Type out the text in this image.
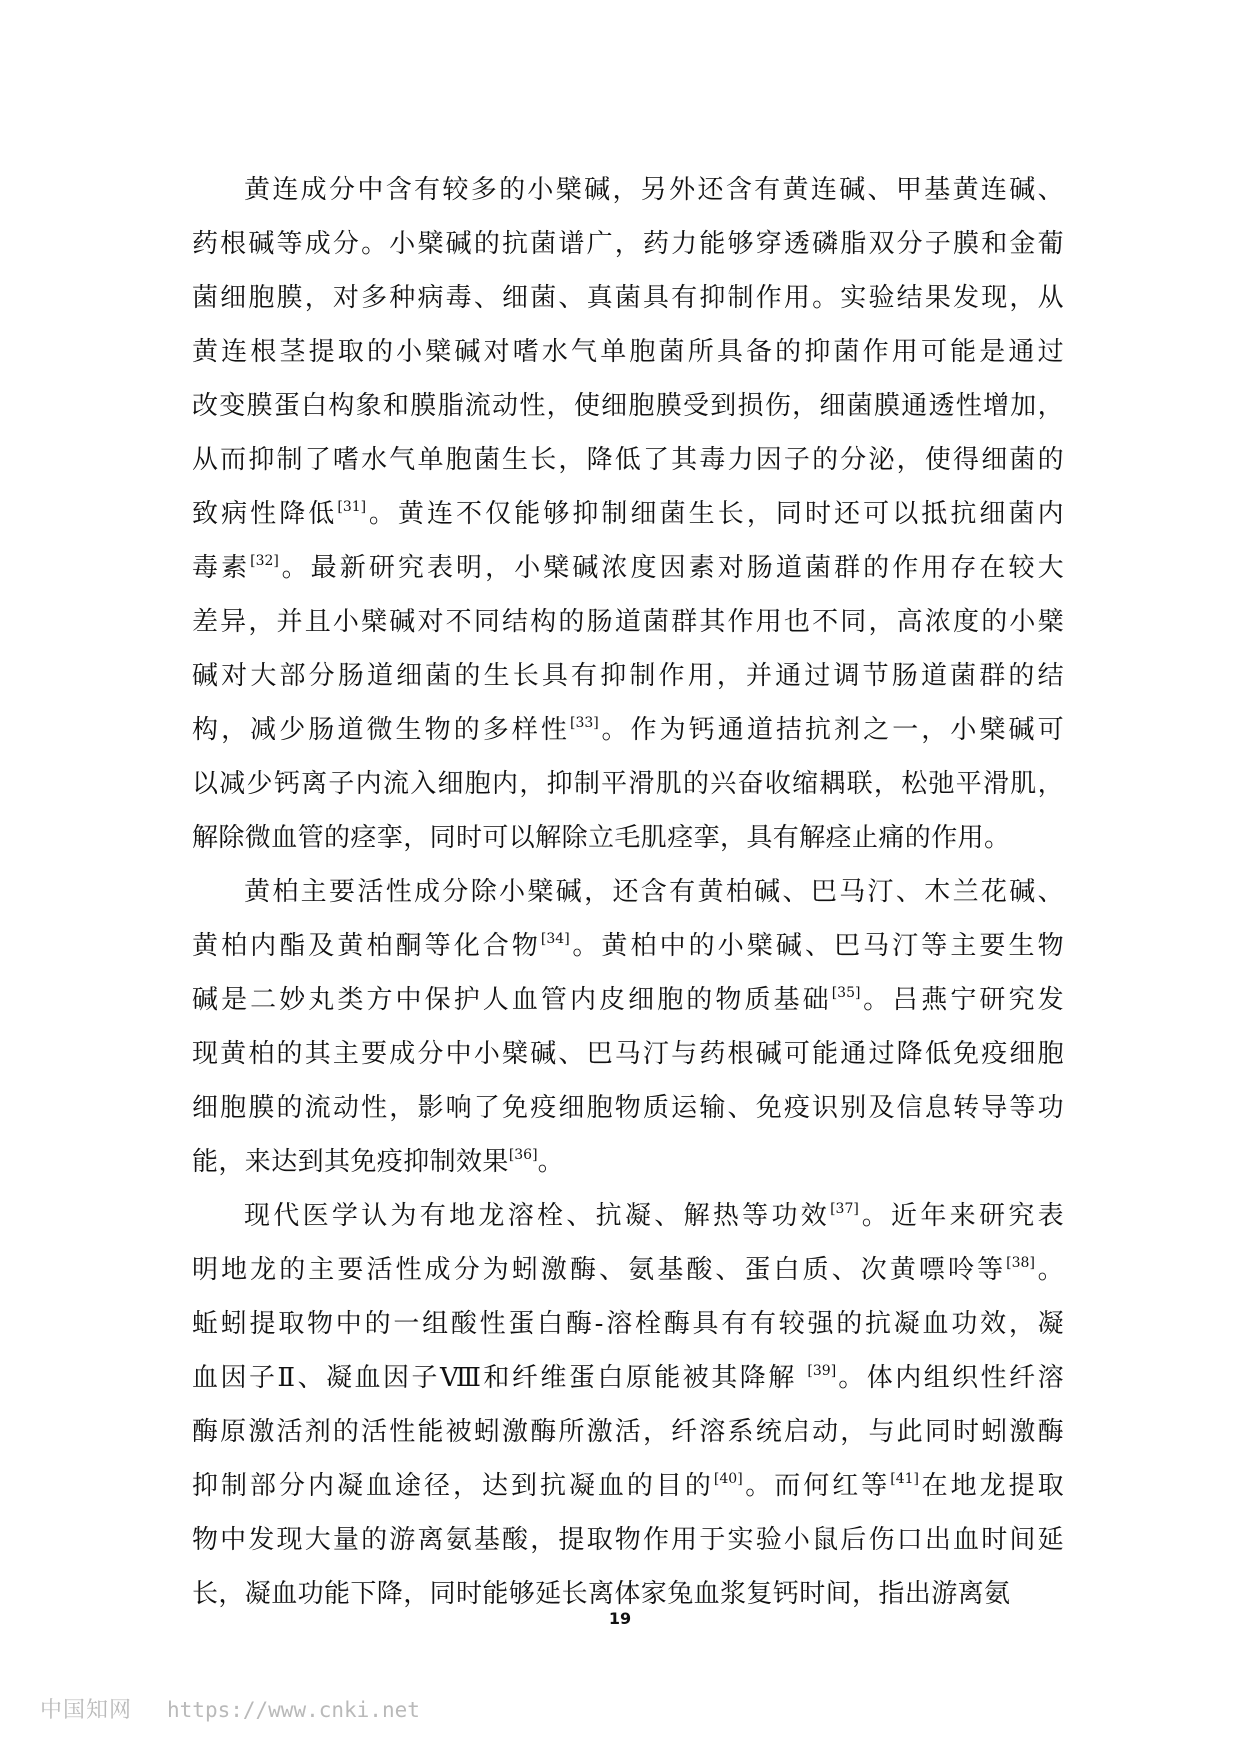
黄连成分中含有较多的小檗碱，另外还含有黄连碱、甲基黄连碱、
药根碱等成分。小檗碱的抗菌谱广，药力能够穿透磷脂双分子膜和金葡
菌细胞膜，对多种病毒、细菌、真菌具有抑制作用。实验结果发现，从
黄连根茎提取的小檗碱对嗜水气单胞菌所具备的抑菌作用可能是通过
改变膜蛋白构象和膜脂流动性，使细胞膜受到损伤，细菌膜通透性增加，
从而抑制了嗜水气单胞菌生长，降低了其毒力因子的分泌，使得细菌的
致病性降低[31]。黄连不仅能够抑制细菌生长，同时还可以抵抗细菌内
毒素[32]。最新研究表明，小檗碱浓度因素对肠道菌群的作用存在较大
差异，并且小檗碱对不同结构的肠道菌群其作用也不同，高浓度的小檗
碱对大部分肠道细菌的生长具有抑制作用，并通过调节肠道菌群的结
构，减少肠道微生物的多样性[33]。作为钙通道拮抗剂之一，小檗碱可
以减少钙离子内流入细胞内，抑制平滑肌的兴奋收缩耦联，松弛平滑肌，
解除微血管的痉挛，同时可以解除立毛肌痉挛，具有解痉止痛的作用。
黄柏主要活性成分除小檗碱，还含有黄柏碱、巴马汀、木兰花碱、
黄柏内酯及黄柏酮等化合物[34]。黄柏中的小檗碱、巴马汀等主要生物
碱是二妙丸类方中保护人血管内皮细胞的物质基础[35]。吕燕宁研究发
现黄柏的其主要成分中小檗碱、巴马汀与药根碱可能通过降低免疫细胞
细胞膜的流动性，影响了免疫细胞物质运输、免疫识别及信息转导等功
能，来达到其免疫抑制效果[36]。
现代医学认为有地龙溶栓、抗凝、解热等功效[37]。近年来研究表
明地龙的主要活性成分为蚓激酶、氨基酸、蛋白质、次黄嘌呤等[38]。
蚯蚓提取物中的一组酸性蛋白酶-溶栓酶具有有较强的抗凝血功效，凝
血因子Ⅱ、凝血因子Ⅷ和纤维蛋白原能被其降解 [39]。体内组织性纤溶
酶原激活剂的活性能被蚓激酶所激活，纤溶系统启动，与此同时蚓激酶
抑制部分内凝血途径，达到抗凝血的目的[40]。而何红等[41]在地龙提取
物中发现大量的游离氨基酸，提取物作用于实验小鼠后伤口出血时间延
长，凝血功能下降，同时能够延长离体家兔血浆复钙时间，指出游离氨
19
中国知网 https://www.cnki.net
